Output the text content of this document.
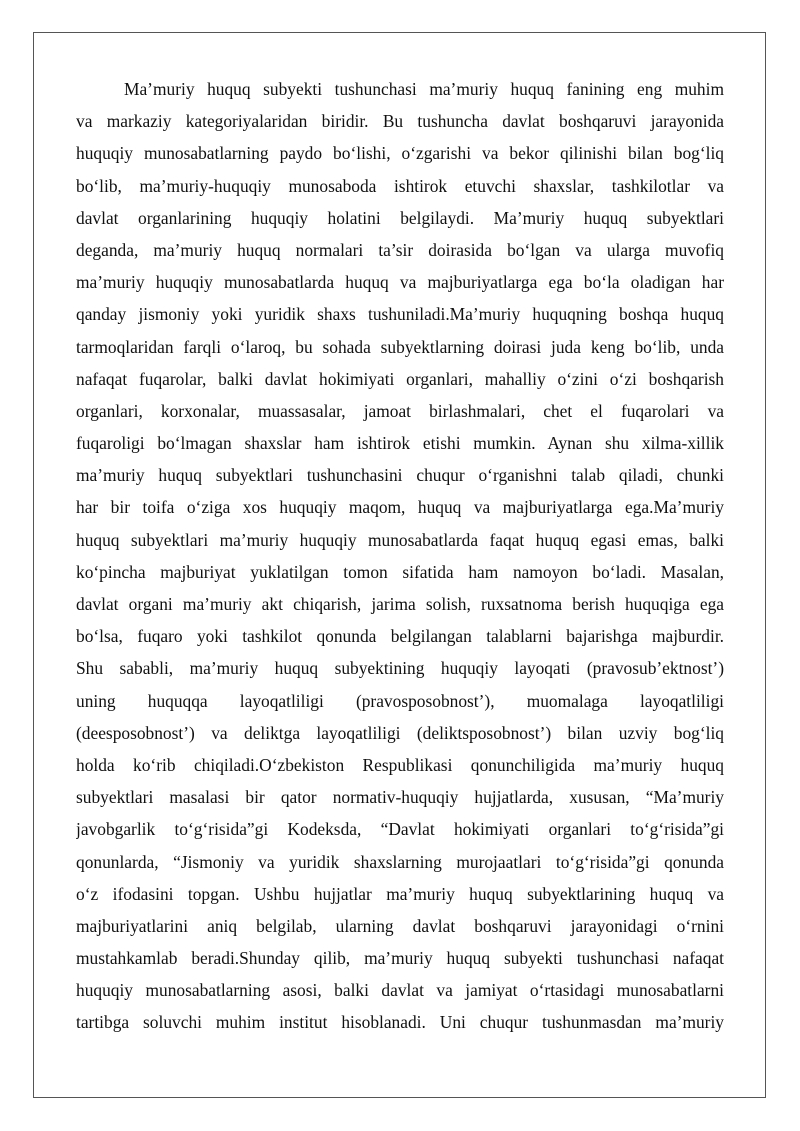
Ma’muriy huquq subyekti tushunchasi ma’muriy huquq fanining eng muhim
va markaziy kategoriyalaridan biridir. Bu tushuncha davlat boshqaruvi jarayonida
huquqiy munosabatlarning paydo bo‘lishi, o‘zgarishi va bekor qilinishi bilan bog‘liq
bo‘lib, ma’muriy-huquqiy munosaboda ishtirok etuvchi shaxslar, tashkilotlar va
davlat organlarining huquqiy holatini belgilaydi. Ma’muriy huquq subyektlari
deganda, ma’muriy huquq normalari ta’sir doirasida bo‘lgan va ularga muvofiq
ma’muriy huquqiy munosabatlarda huquq va majburiyatlarga ega bo‘la oladigan har
qanday jismoniy yoki yuridik shaxs tushuniladi.Ma’muriy huquqning boshqa huquq
tarmoqlaridan farqli o‘laroq, bu sohada subyektlarning doirasi juda keng bo‘lib, unda
nafaqat fuqarolar, balki davlat hokimiyati organlari, mahalliy o‘zini o‘zi boshqarish
organlari, korxonalar, muassasalar, jamoat birlashmalari, chet el fuqarolari va
fuqaroligi bo‘lmagan shaxslar ham ishtirok etishi mumkin. Aynan shu xilma-xillik
ma’muriy huquq subyektlari tushunchasini chuqur o‘rganishni talab qiladi, chunki
har bir toifa o‘ziga xos huquqiy maqom, huquq va majburiyatlarga ega.Ma’muriy
huquq subyektlari ma’muriy huquqiy munosabatlarda faqat huquq egasi emas, balki
ko‘pincha majburiyat yuklatilgan tomon sifatida ham namoyon bo‘ladi. Masalan,
davlat organi ma’muriy akt chiqarish, jarima solish, ruxsatnoma berish huquqiga ega
bo‘lsa, fuqaro yoki tashkilot qonunda belgilangan talablarni bajarishga majburdir.
Shu sababli, ma’muriy huquq subyektining huquqiy layoqati (pravosub’ektnost’)
uning huquqqa layoqatliligi (pravosposobnost’), muomalaga layoqatliligi
(deesposobnost’) va deliktga layoqatliligi (deliktsposobnost’) bilan uzviy bog‘liq
holda ko‘rib chiqiladi.O‘zbekiston Respublikasi qonunchiligida ma’muriy huquq
subyektlari masalasi bir qator normativ-huquqiy hujjatlarda, xususan, “Ma’muriy
javobgarlik to‘g‘risida”gi Kodeksda, “Davlat hokimiyati organlari to‘g‘risida”gi
qonunlarda, “Jismoniy va yuridik shaxslarning murojaatlari to‘g‘risida”gi qonunda
o‘z ifodasini topgan. Ushbu hujjatlar ma’muriy huquq subyektlarining huquq va
majburiyatlarini aniq belgilab, ularning davlat boshqaruvi jarayonidagi o‘rnini
mustahkamlab beradi.Shunday qilib, ma’muriy huquq subyekti tushunchasi nafaqat
huquqiy munosabatlarning asosi, balki davlat va jamiyat o‘rtasidagi munosabatlarni
tartibga soluvchi muhim institut hisoblanadi. Uni chuqur tushunmasdan ma’muriy
